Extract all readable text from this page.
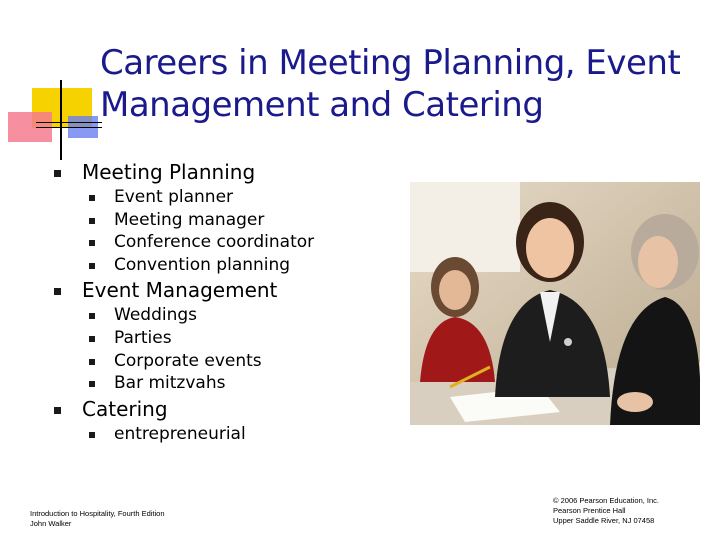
Careers in Meeting Planning, Event
Management and Catering
Meeting Planning
Event planner
Meeting manager
Conference coordinator
Convention planning
Event Management
Weddings
Parties
Corporate events
Bar mitzvahs
Catering
entrepreneurial
Introduction to Hospitality, Fourth Edition
John Walker
© 2006 Pearson Education, Inc.
Pearson Prentice Hall
Upper Saddle River, NJ 07458
